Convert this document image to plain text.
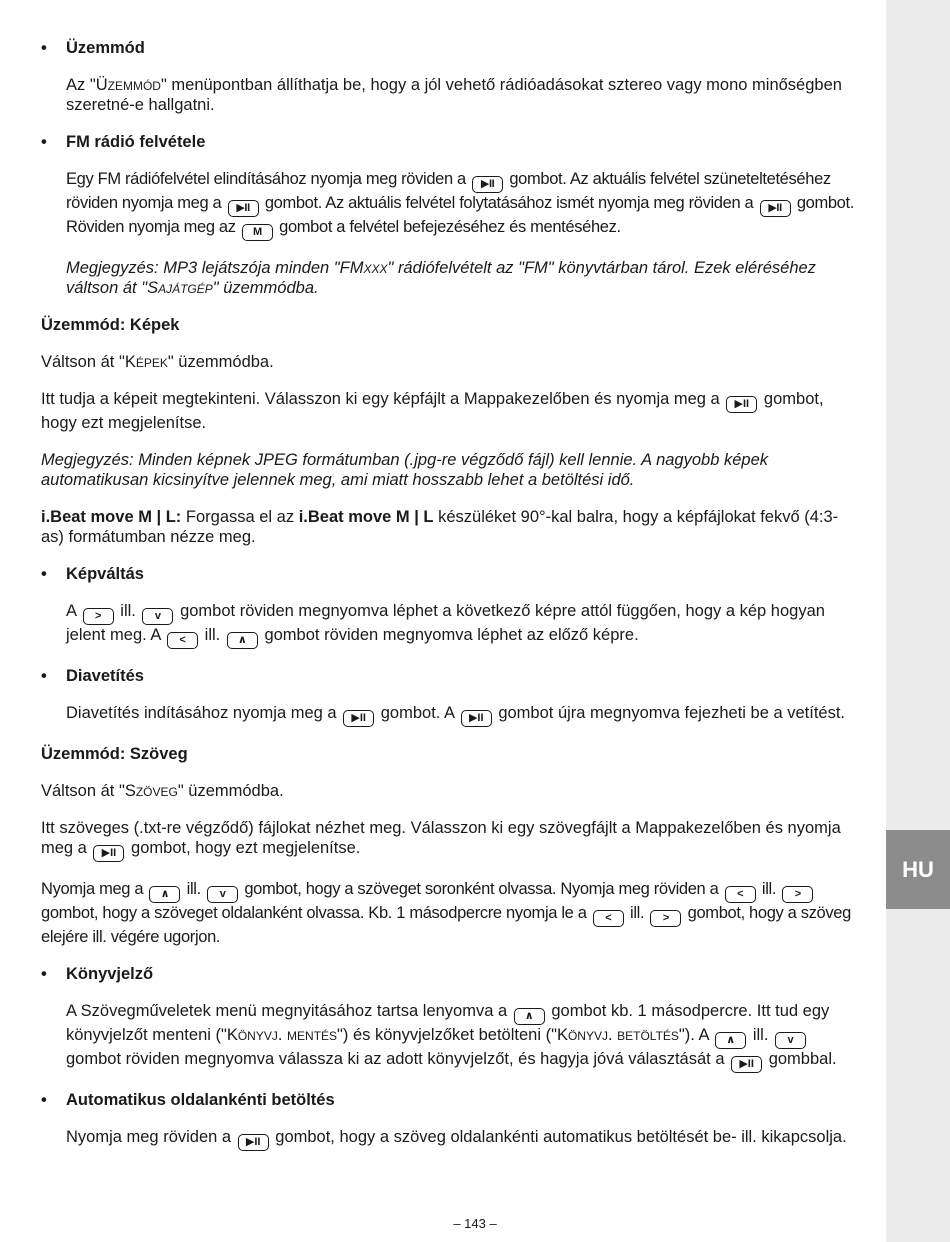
HU
• Üzemmód

Az "Üzemmód" menüpontban állíthatja be, hogy a jól vehető rádióadásokat sztereo vagy mono minőségben szeretné-e hallgatni.

• FM rádió felvétele

Egy FM rádiófelvétel elindításához nyomja meg röviden a ▶II gombot. Az aktuális felvétel szüneteltetéséhez röviden nyomja meg a ▶II gombot. Az aktuális felvétel folytatásához ismét nyomja meg röviden a ▶II gombot. Röviden nyomja meg az M gombot a felvétel befejezéséhez és mentéséhez.

Megjegyzés: MP3 lejátszója minden "FMxxx" rádiófelvételt az "FM" könyvtárban tárol. Ezek eléréséhez váltson át "Sajátgép" üzemmódba.

Üzemmód: Képek

Váltson át "Képek" üzemmódba.

Itt tudja a képeit megtekinteni. Válasszon ki egy képfájlt a Mappakezelőben és nyomja meg a ▶II gombot, hogy ezt megjelenítse.

Megjegyzés: Minden képnek JPEG formátumban (.jpg-re végződő fájl) kell lennie. A nagyobb képek automatikusan kicsinyítve jelennek meg, ami miatt hosszabb lehet a betöltési idő.

i.Beat move M | L: Forgassa el az i.Beat move M | L készüléket 90°-kal balra, hogy a képfájlokat fekvő (4:3-as) formátumban nézze meg.

• Képváltás

A > ill. v gombot röviden megnyomva léphet a következő képre attól függően, hogy a kép hogyan jelent meg. A < ill. ∧ gombot röviden megnyomva léphet az előző képre.

• Diavetítés

Diavetítés indításához nyomja meg a ▶II gombot. A ▶II gombot újra megnyomva fejezheti be a vetítést.

Üzemmód: Szöveg

Váltson át "Szöveg" üzemmódba.

Itt szöveges (.txt-re végződő) fájlokat nézhet meg. Válasszon ki egy szövegfájlt a Mappakezelőben és nyomja meg a ▶II gombot, hogy ezt megjelenítse.

Nyomja meg a ∧ ill. v gombot, hogy a szöveget soronként olvassa. Nyomja meg röviden a < ill. > gombot, hogy a szöveget oldalanként olvassa. Kb. 1 másodpercre nyomja le a < ill. > gombot, hogy a szöveg elejére ill. végére ugorjon.

• Könyvjelző

A Szövegműveletek menü megnyitásához tartsa lenyomva a ∧ gombot kb. 1 másodpercre. Itt tud egy könyvjelzőt menteni ("Könyvj. mentés") és könyvjelzőket betölteni ("Könyvj. betöltés"). A ∧ ill. v gombot röviden megnyomva válassza ki az adott könyvjelzőt, és hagyja jóvá választását a ▶II gombbal.

• Automatikus oldalankénti betöltés

Nyomja meg röviden a ▶II gombot, hogy a szöveg oldalankénti automatikus betöltését be- ill. kikapcsolja.

– 143 –
